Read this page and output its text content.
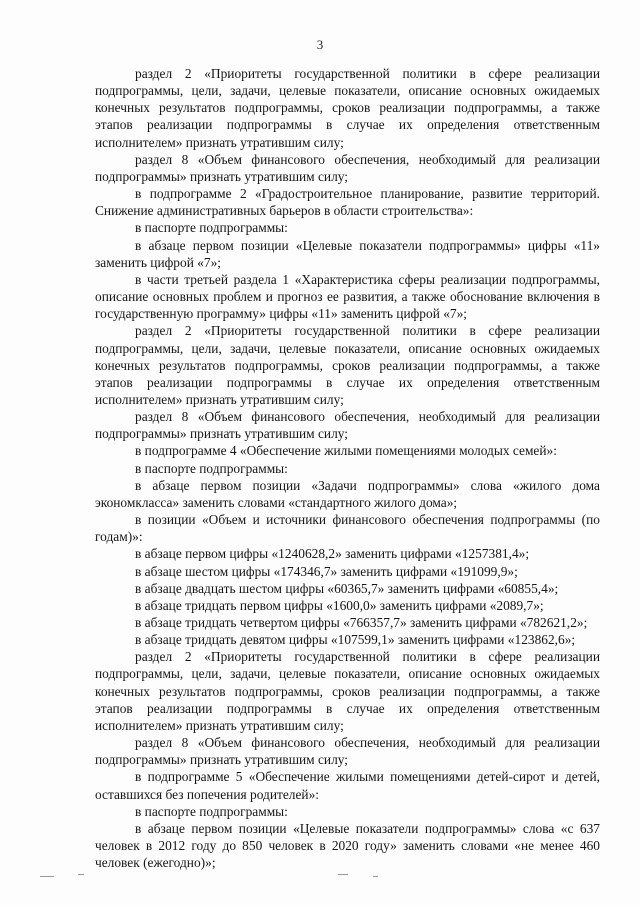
3

раздел 2 «Приоритеты государственной политики в сфере реализации подпрограммы, цели, задачи, целевые показатели, описание основных ожидаемых конечных результатов подпрограммы, сроков реализации подпрограммы, а также этапов реализации подпрограммы в случае их определения ответственным исполнителем» признать утратившим силу;

раздел 8 «Объем финансового обеспечения, необходимый для реализации подпрограммы» признать утратившим силу;

в подпрограмме 2 «Градостроительное планирование, развитие территорий. Снижение административных барьеров в области строительства»:

в паспорте подпрограммы:

в абзаце первом позиции «Целевые показатели подпрограммы» цифры «11» заменить цифрой «7»;

в части третьей раздела 1 «Характеристика сферы реализации подпрограммы, описание основных проблем и прогноз ее развития, а также обоснование включения в государственную программу» цифры «11» заменить цифрой «7»;

раздел 2 «Приоритеты государственной политики в сфере реализации подпрограммы, цели, задачи, целевые показатели, описание основных ожидаемых конечных результатов подпрограммы, сроков реализации подпрограммы, а также этапов реализации подпрограммы в случае их определения ответственным исполнителем» признать утратившим силу;

раздел 8 «Объем финансового обеспечения, необходимый для реализации подпрограммы» признать утратившим силу;

в подпрограмме 4 «Обеспечение жилыми помещениями молодых семей»:

в паспорте подпрограммы:

в абзаце первом позиции «Задачи подпрограммы» слова «жилого дома экономкласса» заменить словами «стандартного жилого дома»;

в позиции «Объем и источники финансового обеспечения подпрограммы (по годам)»:

в абзаце первом цифры «1240628,2» заменить цифрами «1257381,4»;

в абзаце шестом цифры «174346,7» заменить цифрами «191099,9»;

в абзаце двадцать шестом цифры «60365,7» заменить цифрами «60855,4»;

в абзаце тридцать первом цифры «1600,0» заменить цифрами «2089,7»;

в абзаце тридцать четвертом цифры «766357,7» заменить цифрами «782621,2»;

в абзаце тридцать девятом цифры «107599,1» заменить цифрами «123862,6»;

раздел 2 «Приоритеты государственной политики в сфере реализации подпрограммы, цели, задачи, целевые показатели, описание основных ожидаемых конечных результатов подпрограммы, сроков реализации подпрограммы, а также этапов реализации подпрограммы в случае их определения ответственным исполнителем» признать утратившим силу;

раздел 8 «Объем финансового обеспечения, необходимый для реализации подпрограммы» признать утратившим силу;

в подпрограмме 5 «Обеспечение жилыми помещениями детей-сирот и детей, оставшихся без попечения родителей»:

в паспорте подпрограммы:

в абзаце первом позиции «Целевые показатели подпрограммы» слова «с 637 человек в 2012 году до 850 человек в 2020 году» заменить словами «не менее 460 человек (ежегодно)»;
